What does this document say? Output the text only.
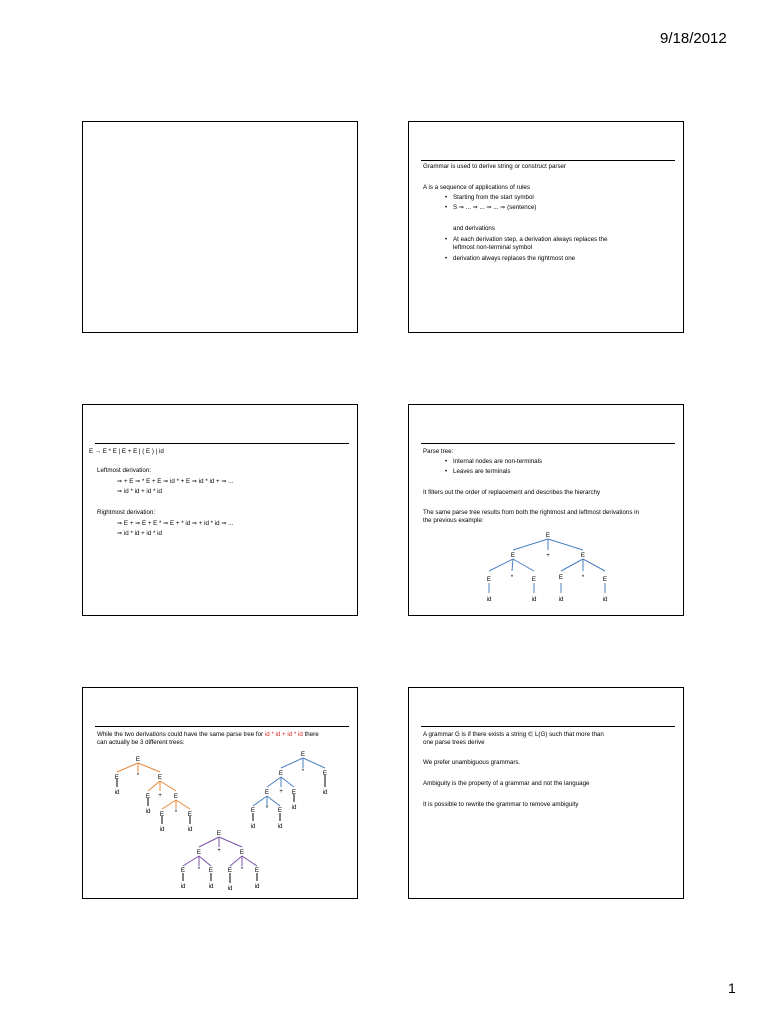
9/18/2012
Grammar is used to derive string or construct parser
A is a sequence of applications of rules
• Starting from the start symbol
• S ⇒ ... ⇒ ... ⇒ ... ⇒ (sentence)
and derivations
• At each derivation step, a derivation always replaces the
leftmost non-terminal symbol
• derivation always replaces the rightmost one
E → E * E | E + E | ( E ) | id
Leftmost derivation:
⇒ + E ⇒ * E + E ⇒ id * + E ⇒ id * id + ⇒ ...
⇒ id * id + id * id
Rightmost derivation:
⇒ E + ⇒ E + E * ⇒ E + * id ⇒ + id * id ⇒ ...
⇒ id * id + id * id
Parse tree:
• Internal nodes are non-terminals
• Leaves are terminals
It filters out the order of replacement and describes the hierarchy
The same parse tree results from both the rightmost and leftmost derivations in
the previous example:
E
E	+	E
E	*	E	E	*	E
id	id	id	id
While the two derivations could have the same parse tree for id * id + id * id there
can actually be 3 different trees:
E
E	*	E
id
E + E
id E * E
id	id
E
E	*	E
id
E + E
id
E * E
id	id
E
E	+	E
E * E E * E
id	id id	id
A grammar G is if there exists a string ∈ L(G) such that more than
one parse trees derive
We prefer unambiguous grammars.
Ambiguity is the property of a grammar and not the language
It is possible to rewrite the grammar to remove ambiguity
1
